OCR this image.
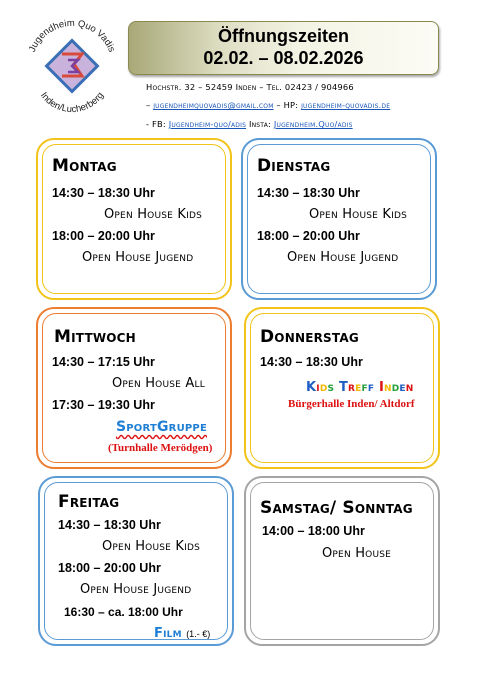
Jugendheim Quo Vadis
Inden/Lucherberg
Öffnungszeiten
02.02. – 08.02.2026
Hochstr. 32 – 52459 Inden – Tel. 02423 / 904966
– jugendheimquovadis@gmail.com – HP: jugendheim-quovadis.de
- FB: Jugendheim-quo/adis Insta: Jugendheim.Quo/adis
Montag
14:30 – 18:30 Uhr
Open House Kids
18:00 – 20:00 Uhr
Open House Jugend
Dienstag
14:30 – 18:30 Uhr
Open House Kids
18:00 – 20:00 Uhr
Open House Jugend
Mittwoch
14:30 – 17:15 Uhr
Open House All
17:30 – 19:30 Uhr
SportGruppe
(Turnhalle Merödgen)
Donnerstag
14:30 – 18:30 Uhr
Kids Treff Inden
Bürgerhalle Inden/ Altdorf
Freitag
14:30 – 18:30 Uhr
Open House Kids
18:00 – 20:00 Uhr
Open House Jugend
16:30 – ca. 18:00 Uhr
Film (1.- €)
Samstag/ Sonntag
14:00 – 18:00 Uhr
Open House
